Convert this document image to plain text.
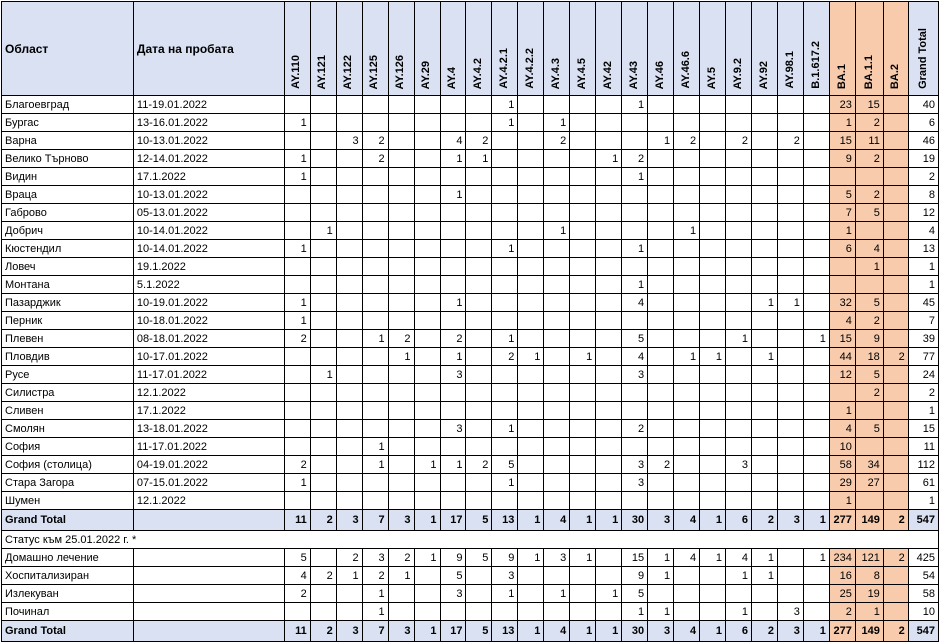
Област	Дата на пробата	AY.110	AY.121	AY.122	AY.125	AY.126	AY.29	AY.4	AY.4.2	AY.4.2.1	AY.4.2.2	AY.4.3	AY.4.5	AY.42	AY.43	AY.46	AY.46.6	AY.5	AY.9.2	AY.92	AY.98.1	B.1.617.2	BA.1	BA.1.1	BA.2	Grand Total
Благоевград	11-19.01.2022									1					1								23	15		40
Бургас	13-16.01.2022	1								1		1											1	2		6
Варна	10-13.01.2022			3	2			4	2			2				1	2		2		2		15	11		46
Велико Търново	12-14.01.2022	1			2			1	1					1	2								9	2		19
Видин	17.1.2022	1													1											2
Враца	10-13.01.2022							1															5	2		8
Габрово	05-13.01.2022																						7	5		12
Добрич	10-14.01.2022		1									1					1						1			4
Кюстендил	10-14.01.2022	1								1					1								6	4		13
Ловеч	19.1.2022																							1		1
Монтана	5.1.2022														1											1
Пазарджик	10-19.01.2022	1						1							4					1	1		32	5		45
Перник	10-18.01.2022	1																					4	2		7
Плевен	08-18.01.2022	2			1	2		2		1					5				1			1	15	9		39
Пловдив	10-17.01.2022					1		1		2	1		1		4		1	1		1			44	18	2	77
Русе	11-17.01.2022		1					3							3								12	5		24
Силистра	12.1.2022																							2		2
Сливен	17.1.2022																						1			1
Смолян	13-18.01.2022							3		1					2								4	5		15
София	11-17.01.2022				1																		10			11
София (столица)	04-19.01.2022	2			1		1	1	2	5					3	2			3				58	34		112
Стара Загора	07-15.01.2022	1								1					3								29	27		61
Шумен	12.1.2022																						1			1
Grand Total		11	2	3	7	3	1	17	5	13	1	4	1	1	30	3	4	1	6	2	3	1	277	149	2	547
Статус към 25.01.2022 г. *																										
Домашно лечение		5		2	3	2	1	9	5	9	1	3	1		15	1	4	1	4	1		1	234	121	2	425
Хоспитализиран		4	2	1	2	1		5		3					9	1			1	1			16	8		54
Излекуван		2			1			3		1		1		1	5								25	19		58
Починал					1										1	1			1		3		2	1		10
Grand Total		11	2	3	7	3	1	17	5	13	1	4	1	1	30	3	4	1	6	2	3	1	277	149	2	547
